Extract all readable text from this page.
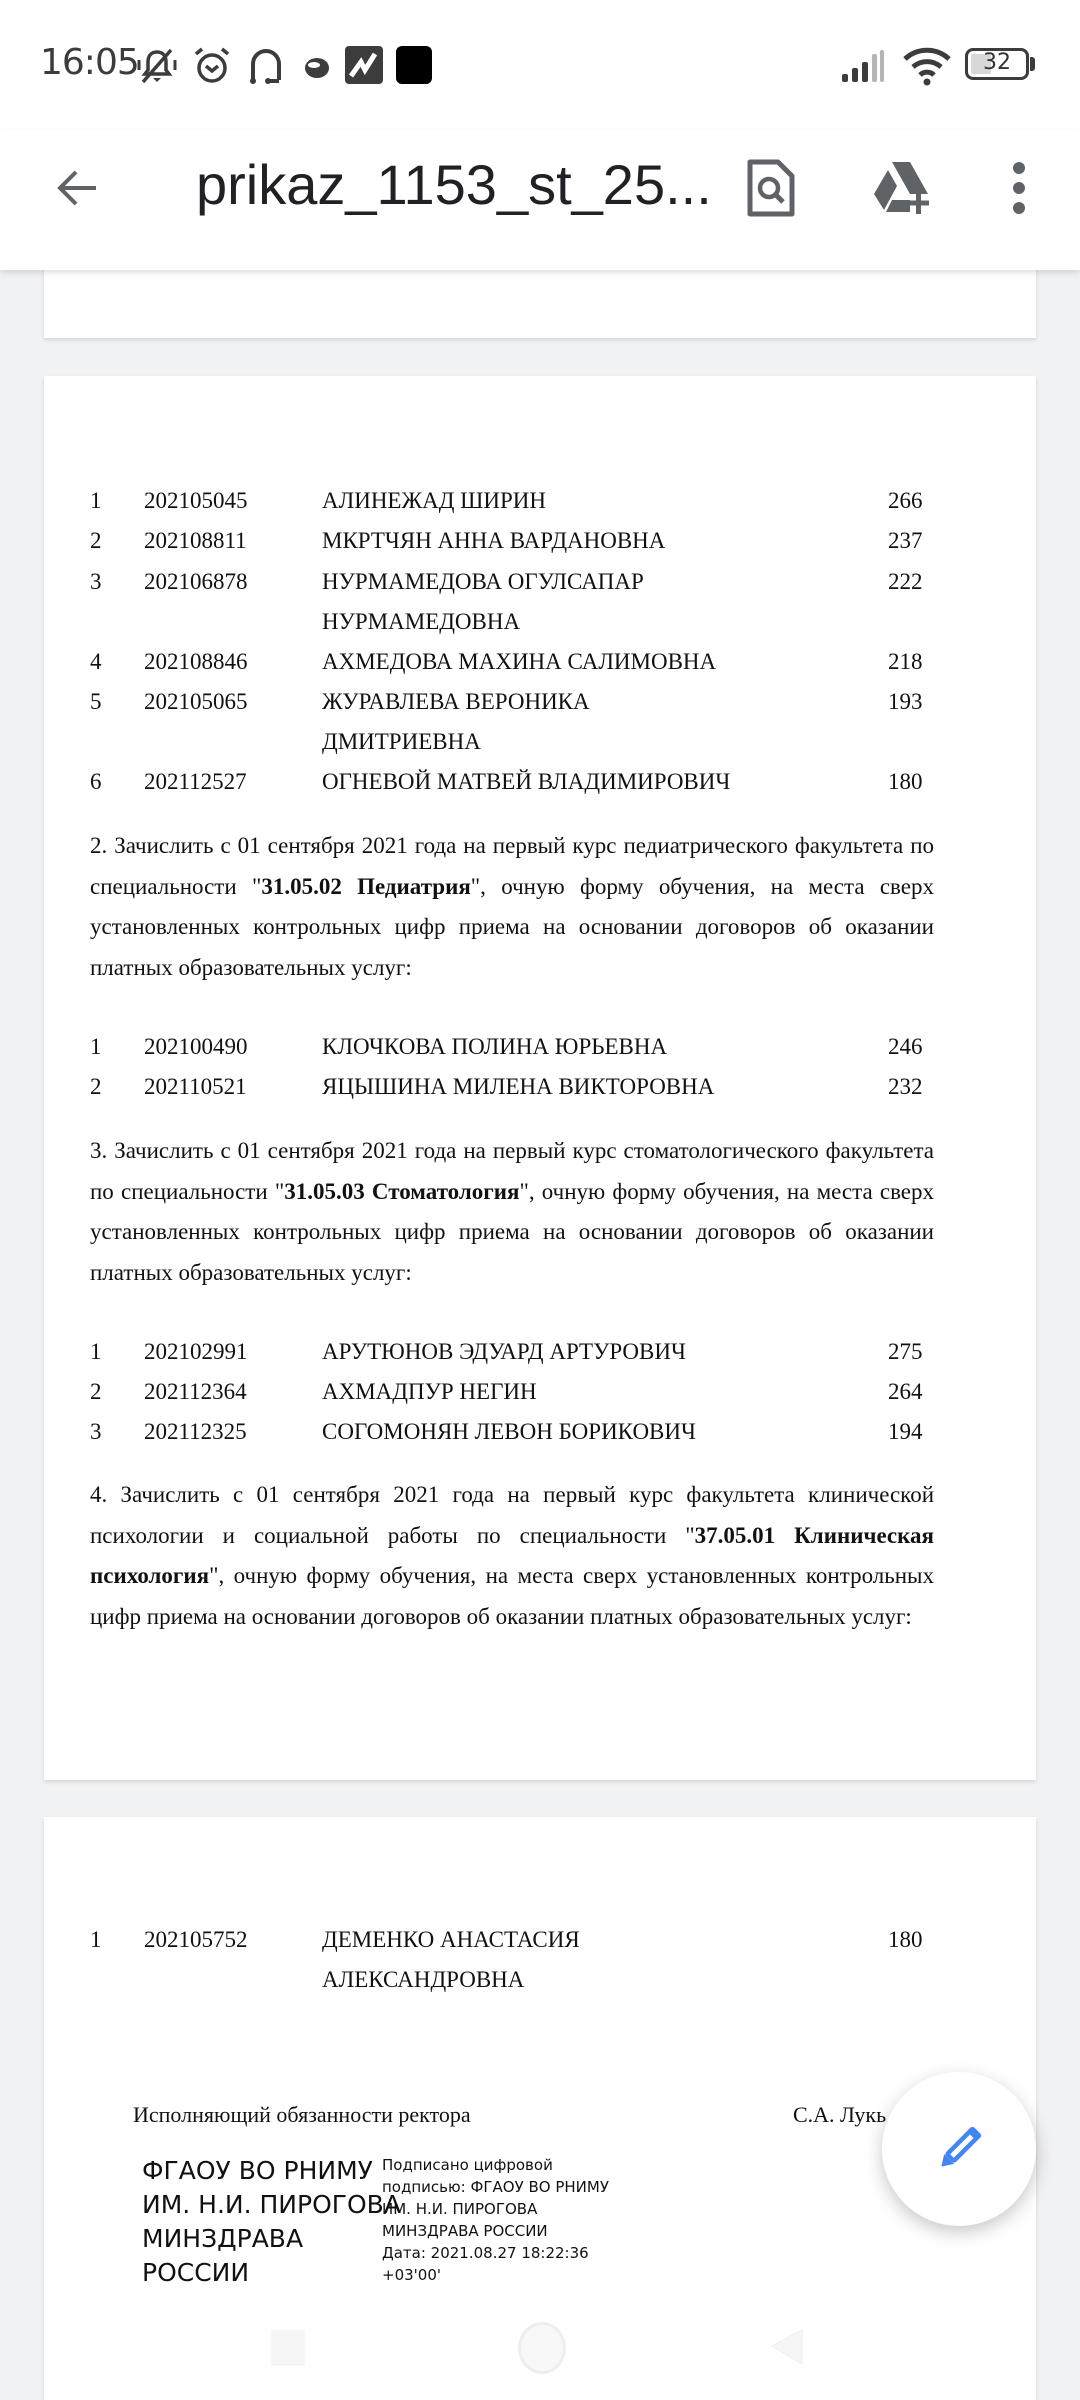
16:05	32
prikaz_1153_st_25...
1 202105045	АЛИНЕЖАД ШИРИН	266
2 202108811	МКРТЧЯН АННА ВАРДАНОВНА	237
3 202106878	НУРМАМЕДОВА ОГУЛСАПАР	222
НУРМАМЕДОВНА
4 202108846	АХМЕДОВА МАХИНА САЛИМОВНА	218
5 202105065	ЖУРАВЛЕВА ВЕРОНИКА	193
ДМИТРИЕВНА
6 202112527	ОГНЕВОЙ МАТВЕЙ ВЛАДИМИРОВИЧ	180
2. Зачислить с 01 сентября 2021 года на первый курс педиатрического факультета по специальности "31.05.02 Педиатрия", очную форму обучения, на места сверх установленных контрольных цифр приема на основании договоров об оказании платных образовательных услуг:
1 202100490	КЛОЧКОВА ПОЛИНА ЮРЬЕВНА	246
2 202110521	ЯЦЫШИНА МИЛЕНА ВИКТОРОВНА	232
3. Зачислить с 01 сентября 2021 года на первый курс стоматологического факультета по специальности "31.05.03 Стоматология", очную форму обучения, на места сверх установленных контрольных цифр приема на основании договоров об оказании платных образовательных услуг:
1 202102991	АРУТЮНОВ ЭДУАРД АРТУРОВИЧ	275
2 202112364	АХМАДПУР НЕГИН	264
3 202112325	СОГОМОНЯН ЛЕВОН БОРИКОВИЧ	194
4. Зачислить с 01 сентября 2021 года на первый курс факультета клинической психологии и социальной работы по специальности "37.05.01 Клиническая психология", очную форму обучения, на места сверх установленных контрольных цифр приема на основании договоров об оказании платных образовательных услуг:
1 202105752	ДЕМЕНКО АНАСТАСИЯ	180
АЛЕКСАНДРОВНА
Исполняющий обязанности ректора	С.А. Лукь
ФГАОУ ВО РНИМУ
ИМ. Н.И. ПИРОГОВА
МИНЗДРАВА
РОССИИ
Подписано цифровой
подписью: ФГАОУ ВО РНИМУ
ИМ. Н.И. ПИРОГОВА
МИНЗДРАВА РОССИИ
Дата: 2021.08.27 18:22:36
+03'00'
